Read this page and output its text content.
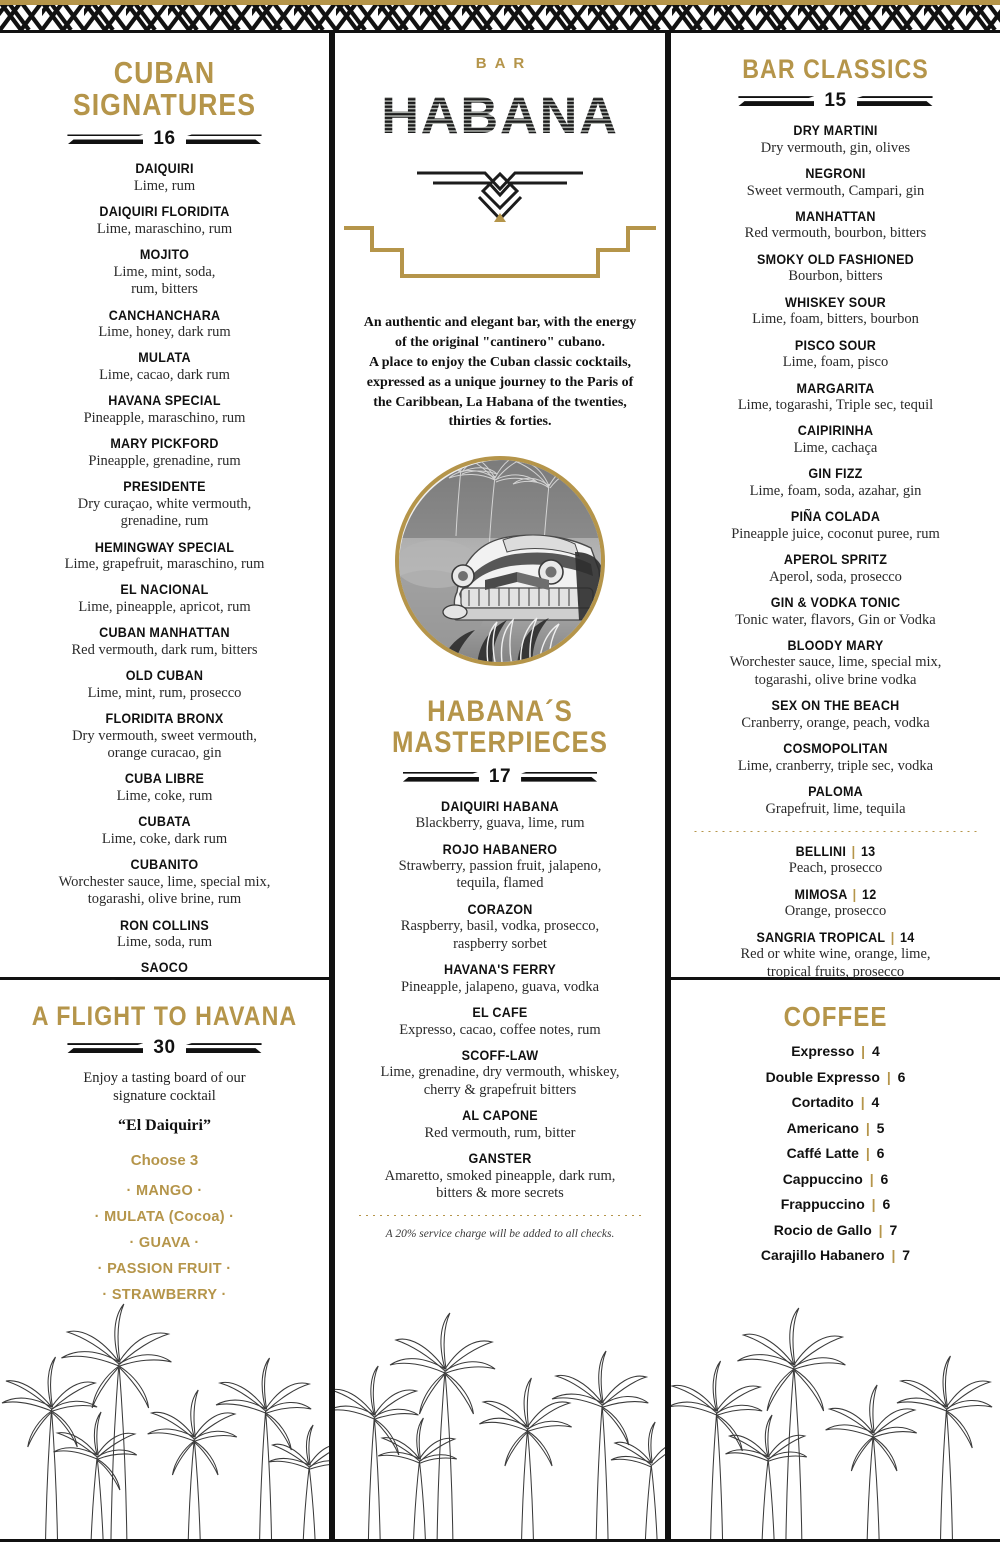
CUBAN SIGNATURES
16
DAIQUIRI
Lime, rum
DAIQUIRI FLORIDITA
Lime, maraschino, rum
MOJITO
Lime, mint, soda,
rum, bitters
CANCHANCHARA
Lime, honey, dark rum
MULATA
Lime, cacao, dark rum
HAVANA SPECIAL
Pineapple, maraschino, rum
MARY PICKFORD
Pineapple, grenadine, rum
PRESIDENTE
Dry curaçao, white vermouth,
grenadine, rum
HEMINGWAY SPECIAL
Lime, grapefruit, maraschino, rum
EL NACIONAL
Lime, pineapple, apricot, rum
CUBAN MANHATTAN
Red vermouth, dark rum, bitters
OLD CUBAN
Lime, mint, rum, prosecco
FLORIDITA BRONX
Dry vermouth, sweet vermouth,
orange curacao, gin
CUBA LIBRE
Lime, coke, rum
CUBATA
Lime, coke, dark rum
CUBANITO
Worchester sauce, lime, special mix,
togarashi, olive brine, rum
RON COLLINS
Lime, soda, rum
SAOCO
A FLIGHT TO HAVANA
30
Enjoy a tasting board of our
signature cocktail
“El Daiquiri”
Choose 3
· MANGO ·
· MULATA (Cocoa) ·
· GUAVA ·
· PASSION FRUIT ·
· STRAWBERRY ·
BAR
HABANA

An authentic and elegant bar, with the energy of the original "cantinero" cubano.
A place to enjoy the Cuban classic cocktails, expressed as a unique journey to the Paris of the Caribbean, La Habana of the twenties, thirties & forties.
HABANA´S
MASTERPIECES
17
DAIQUIRI HABANA
Blackberry, guava, lime, rum
ROJO HABANERO
Strawberry, passion fruit, jalapeno,
tequila, flamed
CORAZON
Raspberry, basil, vodka, prosecco,
raspberry sorbet
HAVANA'S FERRY
Pineapple, jalapeno, guava, vodka
EL CAFE
Expresso, cacao, coffee notes, rum
SCOFF-LAW
Lime, grenadine, dry vermouth, whiskey,
cherry & grapefruit bitters
AL CAPONE
Red vermouth, rum, bitter
GANSTER
Amaretto, smoked pineapple, dark rum,
bitters & more secrets
A 20% service charge will be added to all checks.
BAR CLASSICS
15
DRY MARTINI
Dry vermouth, gin, olives
NEGRONI
Sweet vermouth, Campari, gin
MANHATTAN
Red vermouth, bourbon, bitters
SMOKY OLD FASHIONED
Bourbon, bitters
WHISKEY SOUR
Lime, foam, bitters, bourbon
PISCO SOUR
Lime, foam, pisco
MARGARITA
Lime, togarashi, Triple sec, tequil
CAIPIRINHA
Lime, cachaça
GIN FIZZ
Lime, foam, soda, azahar, gin
PIÑA COLADA
Pineapple juice, coconut puree, rum
APEROL SPRITZ
Aperol, soda, prosecco
GIN & VODKA TONIC
Tonic water, flavors, Gin or Vodka
BLOODY MARY
Worchester sauce, lime, special mix,
togarashi, olive brine vodka
SEX ON THE BEACH
Cranberry, orange, peach, vodka
COSMOPOLITAN
Lime, cranberry, triple sec, vodka
PALOMA
Grapefruit, lime, tequila
BELLINI | 13
Peach, prosecco
MIMOSA | 12
Orange, prosecco
SANGRIA TROPICAL | 14
Red or white wine, orange, lime,
tropical fruits, prosecco
COFFEE
Expresso | 4
Double Expresso | 6
Cortadito | 4
Americano | 5
Caffé Latte | 6
Cappuccino | 6
Frappuccino | 6
Rocio de Gallo | 7
Carajillo Habanero | 7
